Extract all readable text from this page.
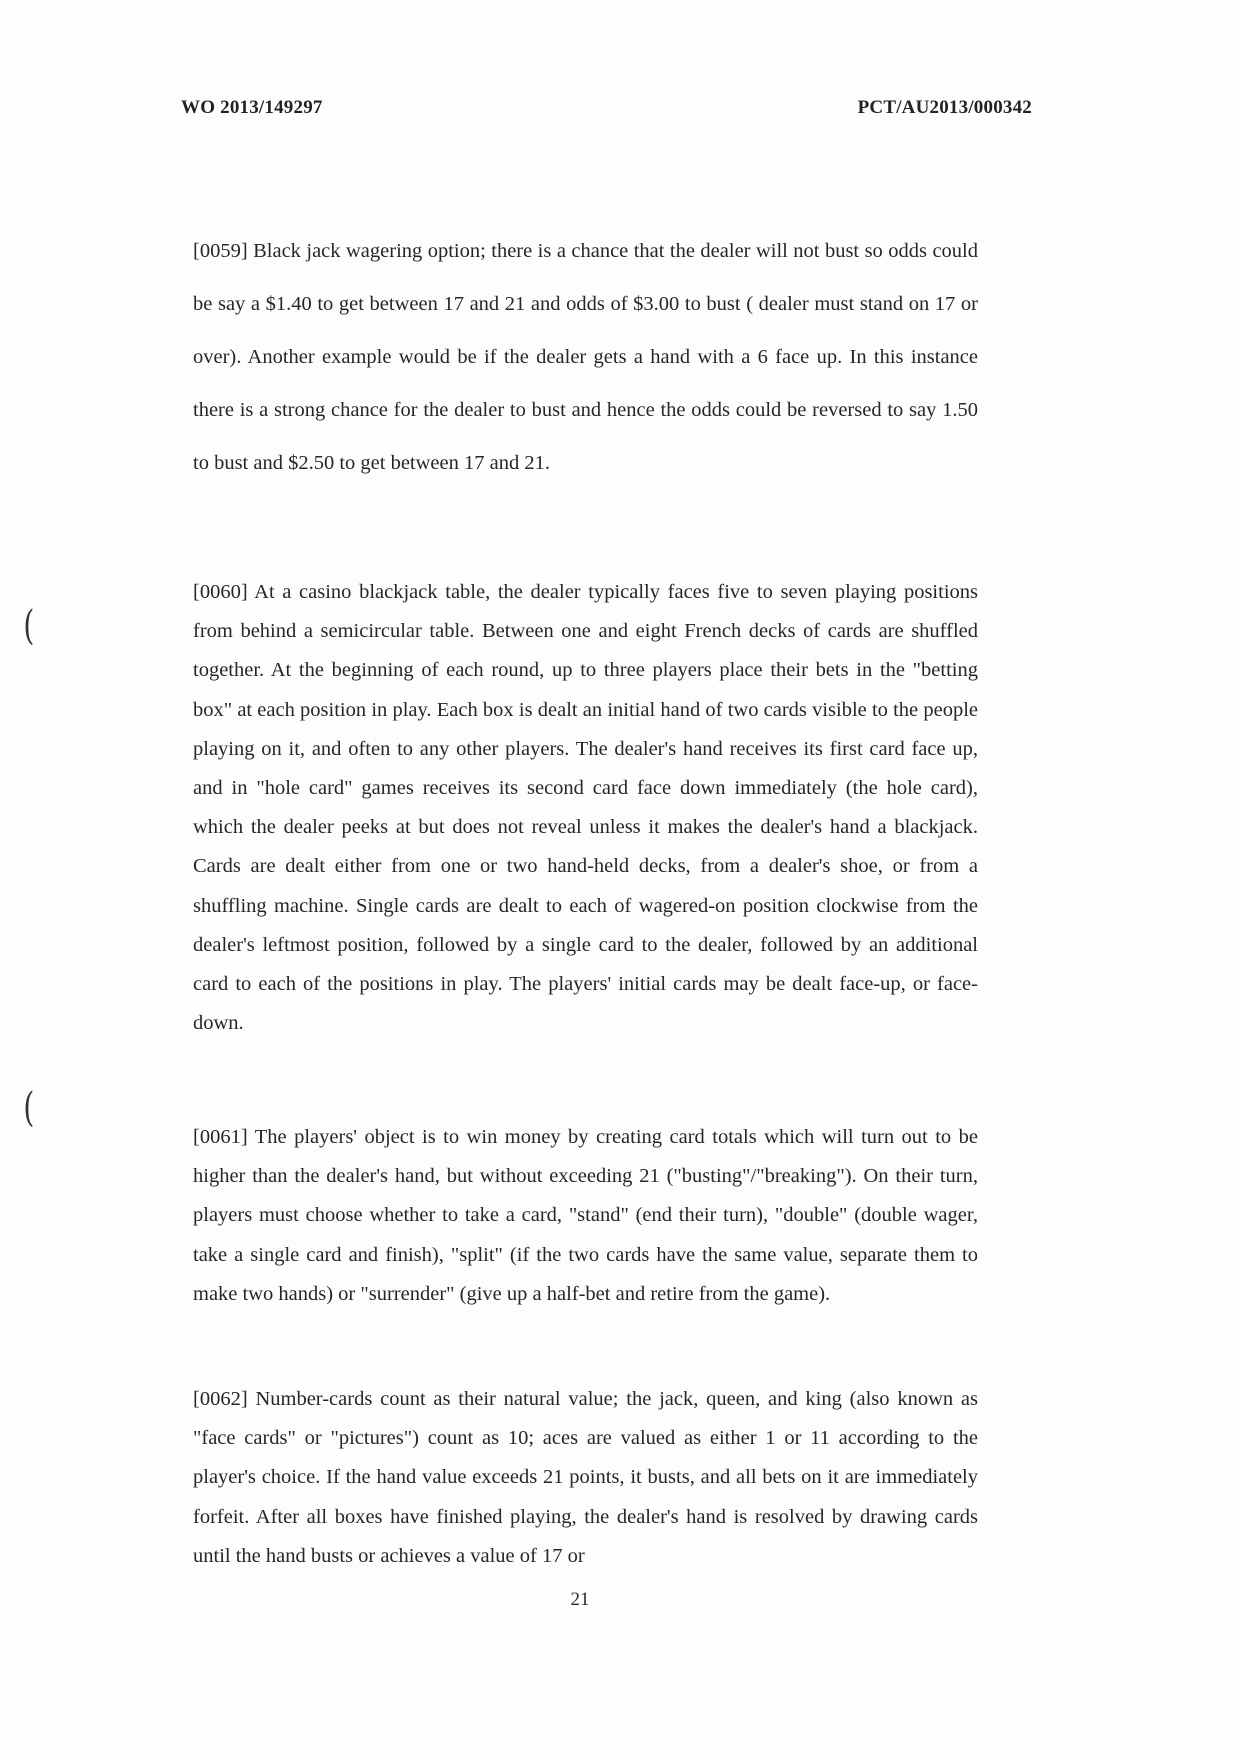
WO 2013/149297	PCT/AU2013/000342

[0059] Black jack wagering option; there is a chance that the dealer will not bust so odds could be say a $1.40 to get between 17 and 21 and odds of $3.00 to bust ( dealer must stand on 17 or over). Another example would be if the dealer gets a hand with a 6 face up. In this instance there is a strong chance for the dealer to bust and hence the odds could be reversed to say 1.50 to bust and $2.50 to get between 17 and 21.

[0060] At a casino blackjack table, the dealer typically faces five to seven playing positions from behind a semicircular table. Between one and eight French decks of cards are shuffled together. At the beginning of each round, up to three players place their bets in the "betting box" at each position in play. Each box is dealt an initial hand of two cards visible to the people playing on it, and often to any other players. The dealer's hand receives its first card face up, and in "hole card" games receives its second card face down immediately (the hole card), which the dealer peeks at but does not reveal unless it makes the dealer's hand a blackjack. Cards are dealt either from one or two hand-held decks, from a dealer's shoe, or from a shuffling machine. Single cards are dealt to each of wagered-on position clockwise from the dealer's leftmost position, followed by a single card to the dealer, followed by an additional card to each of the positions in play. The players' initial cards may be dealt face-up, or face-down.

[0061] The players' object is to win money by creating card totals which will turn out to be higher than the dealer's hand, but without exceeding 21 ("busting"/"breaking"). On their turn, players must choose whether to take a card, "stand" (end their turn), "double" (double wager, take a single card and finish), "split" (if the two cards have the same value, separate them to make two hands) or "surrender" (give up a half-bet and retire from the game).

[0062] Number-cards count as their natural value; the jack, queen, and king (also known as "face cards" or "pictures") count as 10; aces are valued as either 1 or 11 according to the player's choice. If the hand value exceeds 21 points, it busts, and all bets on it are immediately forfeit. After all boxes have finished playing, the dealer's hand is resolved by drawing cards until the hand busts or achieves a value of 17 or

21
(
(
